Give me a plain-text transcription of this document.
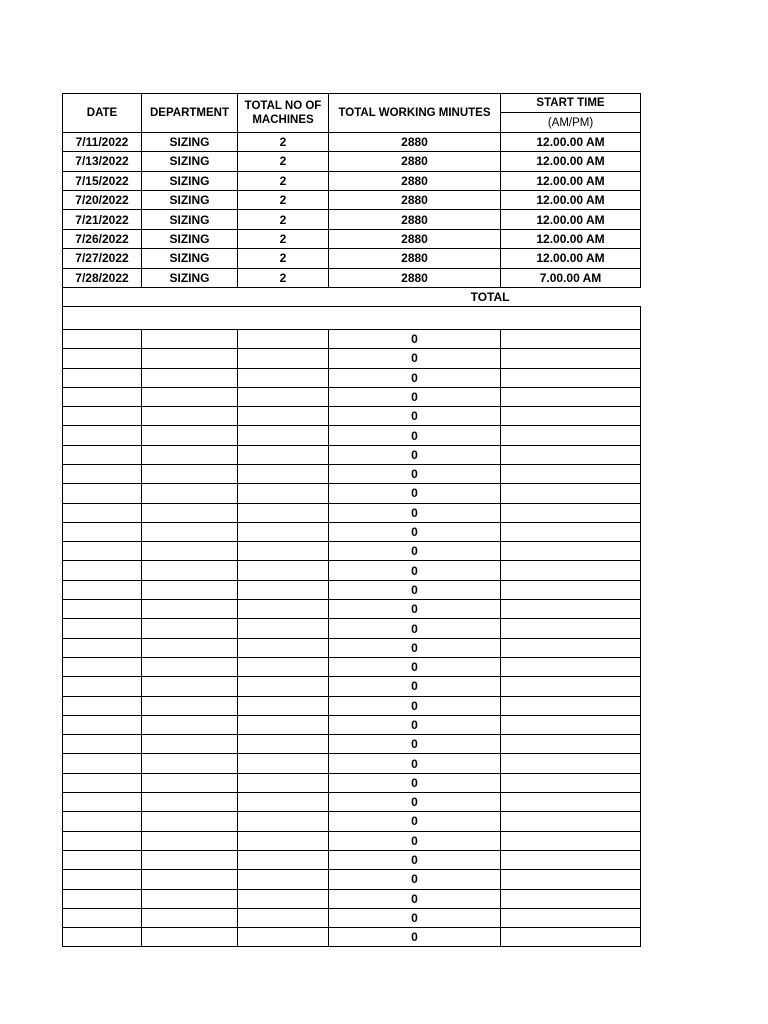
DATE	DEPARTMENT	TOTAL NO OF MACHINES	TOTAL WORKING MINUTES	START TIME
				(AM/PM)
7/11/2022	SIZING	2	2880	12.00.00 AM
7/13/2022	SIZING	2	2880	12.00.00 AM
7/15/2022	SIZING	2	2880	12.00.00 AM
7/20/2022	SIZING	2	2880	12.00.00 AM
7/21/2022	SIZING	2	2880	12.00.00 AM
7/26/2022	SIZING	2	2880	12.00.00 AM
7/27/2022	SIZING	2	2880	12.00.00 AM
7/28/2022	SIZING	2	2880	7.00.00 AM
TOTAL				

			0	
			0	
			0	
			0	
			0	
			0	
			0	
			0	
			0	
			0	
			0	
			0	
			0	
			0	
			0	
			0	
			0	
			0	
			0	
			0	
			0	
			0	
			0	
			0	
			0	
			0	
			0	
			0	
			0	
			0	
			0	
			0	
